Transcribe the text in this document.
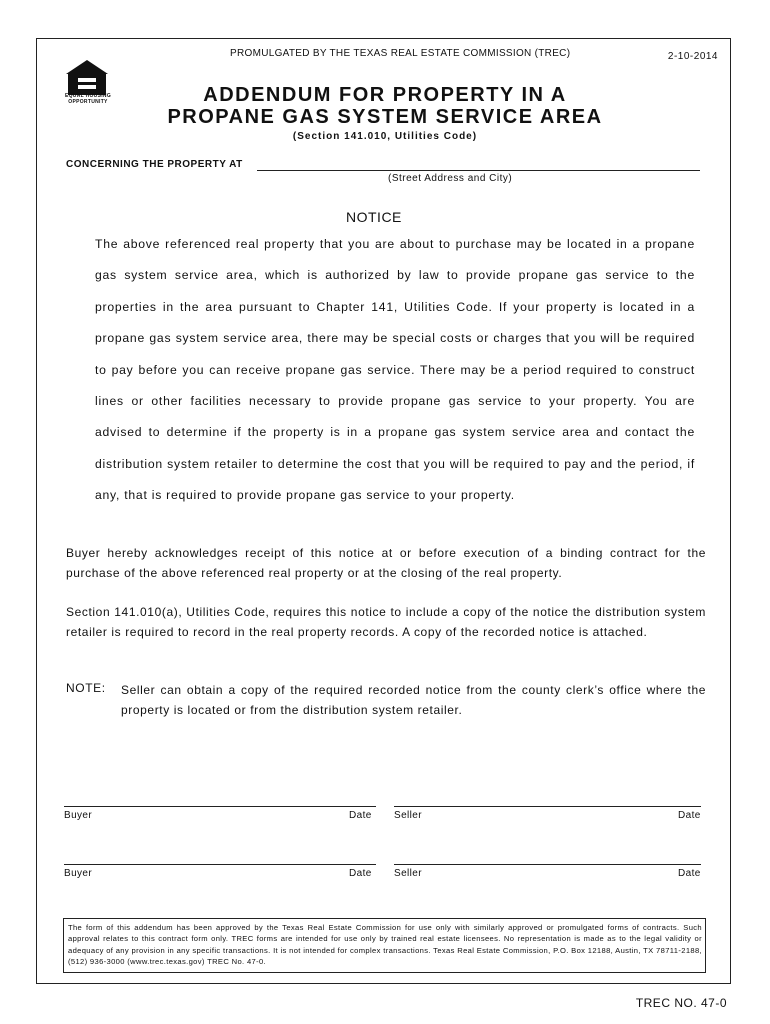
PROMULGATED BY THE TEXAS REAL ESTATE COMMISSION (TREC)	2-10-2014
EQUAL HOUSING
OPPORTUNITY	ADDENDUM FOR PROPERTY IN A
PROPANE GAS SYSTEM SERVICE AREA
(Section 141.010, Utilities Code)
CONCERNING THE PROPERTY AT
(Street Address and City)
NOTICE
The above referenced real property that you are about to purchase may be located in a propane gas system service area, which is authorized by law to provide propane gas service to the properties in the area pursuant to Chapter 141, Utilities Code. If your property is located in a propane gas system service area, there may be special costs or charges that you will be required to pay before you can receive propane gas service. There may be a period required to construct lines or other facilities necessary to provide propane gas service to your property. You are advised to determine if the property is in a propane gas system service area and contact the distribution system retailer to determine the cost that you will be required to pay and the period, if any, that is required to provide propane gas service to your property.
Buyer hereby acknowledges receipt of this notice at or before execution of a binding contract for the purchase of the above referenced real property or at the closing of the real property.
Section 141.010(a), Utilities Code, requires this notice to include a copy of the notice the distribution system retailer is required to record in the real property records. A copy of the recorded notice is attached.
NOTE: Seller can obtain a copy of the required recorded notice from the county clerk’s office where the property is located or from the distribution system retailer.
Buyer	Date Seller	Date
Buyer	Date Seller	Date
The form of this addendum has been approved by the Texas Real Estate Commission for use only with similarly approved or promulgated forms of contracts. Such approval relates to this contract form only. TREC forms are intended for use only by trained real estate licensees. No representation is made as to the legal validity or adequacy of any provision in any specific transactions. It is not intended for complex transactions. Texas Real Estate Commission, P.O. Box 12188, Austin, TX 78711-2188, (512) 936-3000 (www.trec.texas.gov) TREC No. 47-0.
TREC NO. 47-0
